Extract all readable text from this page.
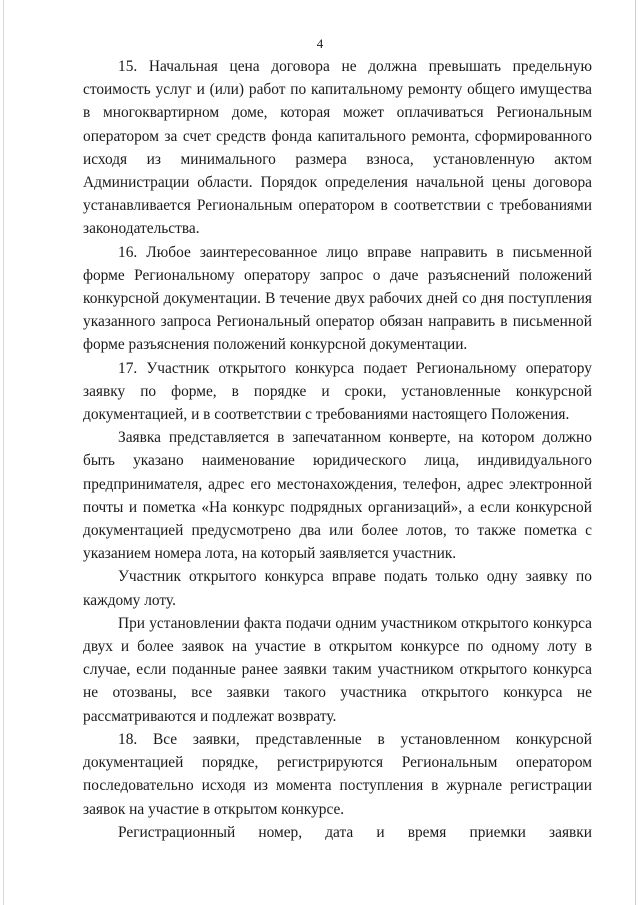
4

15. Начальная цена договора не должна превышать предельную стоимость услуг и (или) работ по капитальному ремонту общего имущества в многоквартирном доме, которая может оплачиваться Региональным оператором за счет средств фонда капитального ремонта, сформированного исходя из минимального размера взноса, установленную актом Администрации области. Порядок определения начальной цены договора устанавливается Региональным оператором в соответствии с требованиями законодательства.

16. Любое заинтересованное лицо вправе направить в письменной форме Региональному оператору запрос о даче разъяснений положений конкурсной документации. В течение двух рабочих дней со дня поступления указанного запроса Региональный оператор обязан направить в письменной форме разъяснения положений конкурсной документации.

17. Участник открытого конкурса подает Региональному оператору заявку по форме, в порядке и сроки, установленные конкурсной документацией, и в соответствии с требованиями настоящего Положения.

Заявка представляется в запечатанном конверте, на котором должно быть указано наименование юридического лица, индивидуального предпринимателя, адрес его местонахождения, телефон, адрес электронной почты и пометка «На конкурс подрядных организаций», а если конкурсной документацией предусмотрено два или более лотов, то также пометка с указанием номера лота, на который заявляется участник.

Участник открытого конкурса вправе подать только одну заявку по каждому лоту.

При установлении факта подачи одним участником открытого конкурса двух и более заявок на участие в открытом конкурсе по одному лоту в случае, если поданные ранее заявки таким участником открытого конкурса не отозваны, все заявки такого участника открытого конкурса не рассматриваются и подлежат возврату.

18. Все заявки, представленные в установленном конкурсной документацией порядке, регистрируются Региональным оператором последовательно исходя из момента поступления в журнале регистрации заявок на участие в открытом конкурсе.

Регистрационный номер, дата и время приемки заявки
